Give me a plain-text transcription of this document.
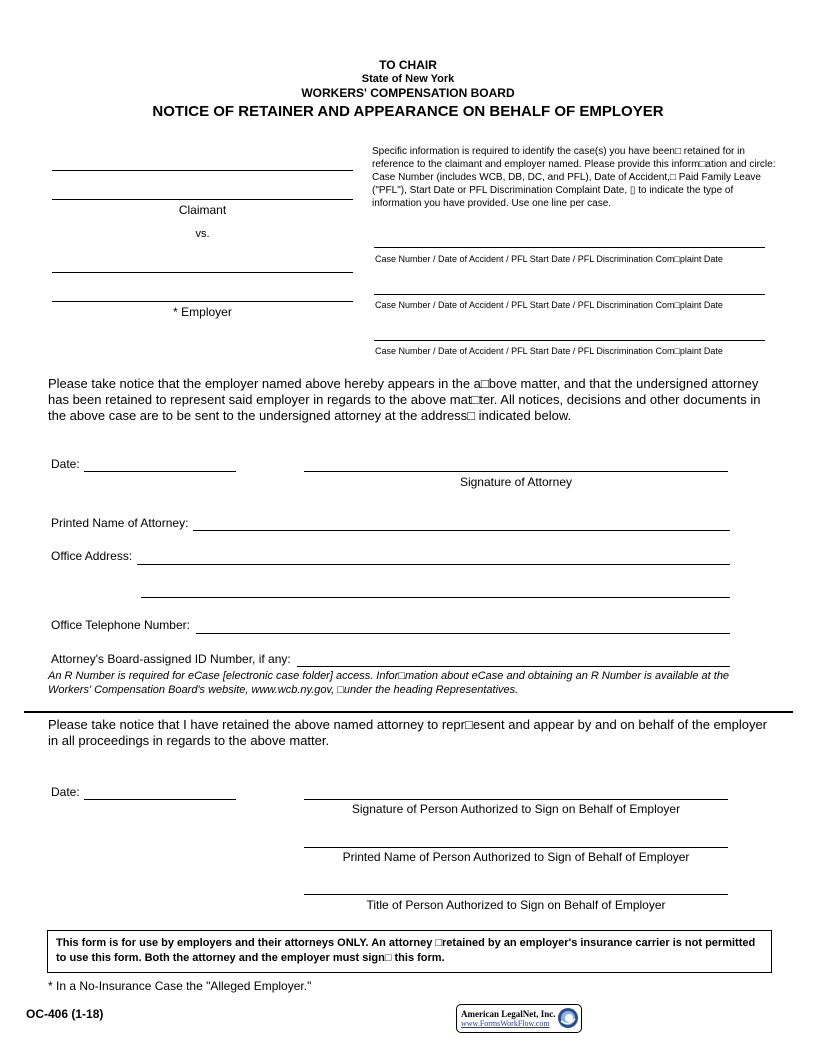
TO CHAIR
State of New York
WORKERS' COMPENSATION BOARD
NOTICE OF RETAINER AND APPEARANCE ON BEHALF OF EMPLOYER
Claimant
vs.
* Employer
Specific information is required to identify the case(s) you have been□ retained for in reference to the claimant and employer named. Please provide this inform□ation and circle: Case Number (includes WCB, DB, DC, and PFL), Date of Accident,□ Paid Family Leave ("PFL"), Start Date or PFL Discrimination Complaint Date, ▯ to indicate the type of information you have provided. Use one line per case.
Case Number / Date of Accident / PFL Start Date / PFL Discrimination Com□plaint Date
Case Number / Date of Accident / PFL Start Date / PFL Discrimination Com□plaint Date
Case Number / Date of Accident / PFL Start Date / PFL Discrimination Com□plaint Date
Please take notice that the employer named above hereby appears in the a□bove matter, and that the undersigned attorney has been retained to represent said employer in regards to the above mat□ter. All notices, decisions and other documents in the above case are to be sent to the undersigned attorney at the address□ indicated below.
Date:
Signature of Attorney
Printed Name of Attorney:
Office Address:
Office Telephone Number:
Attorney's Board-assigned ID Number, if any:
An R Number is required for eCase [electronic case folder] access. Infor□mation about eCase and obtaining an R Number is available at the Workers' Compensation Board's website, www.wcb.ny.gov, □under the heading Representatives.
Please take notice that I have retained the above named attorney to repr□esent and appear by and on behalf of the employer in all proceedings in regards to the above matter.
Date:
Signature of Person Authorized to Sign on Behalf of Employer
Printed Name of Person Authorized to Sign of Behalf of Employer
Title of Person Authorized to Sign on Behalf of Employer
This form is for use by employers and their attorneys ONLY. An attorney □retained by an employer's insurance carrier is not permitted to use this form. Both the attorney and the employer must sign□ this form.
* In a No-Insurance Case the "Alleged Employer."
OC-406 (1-18)	American LegalNet, Inc.
www.FormsWorkFlow.com
